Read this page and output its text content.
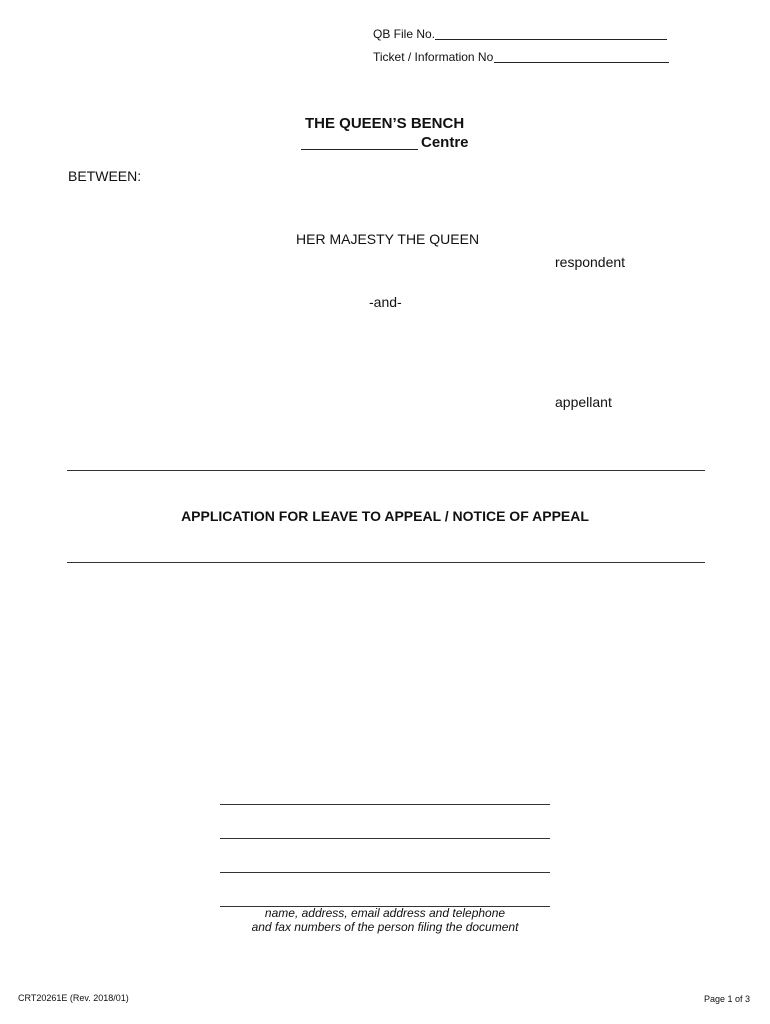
QB File No.
Ticket / Information No
THE QUEEN’S BENCH
Centre
BETWEEN:
HER MAJESTY THE QUEEN
respondent
-and-
appellant
APPLICATION FOR LEAVE TO APPEAL / NOTICE OF APPEAL
name, address, email address and telephone
and fax numbers of the person filing the document
CRT20261E (Rev. 2018/01)	Page 1 of 3
